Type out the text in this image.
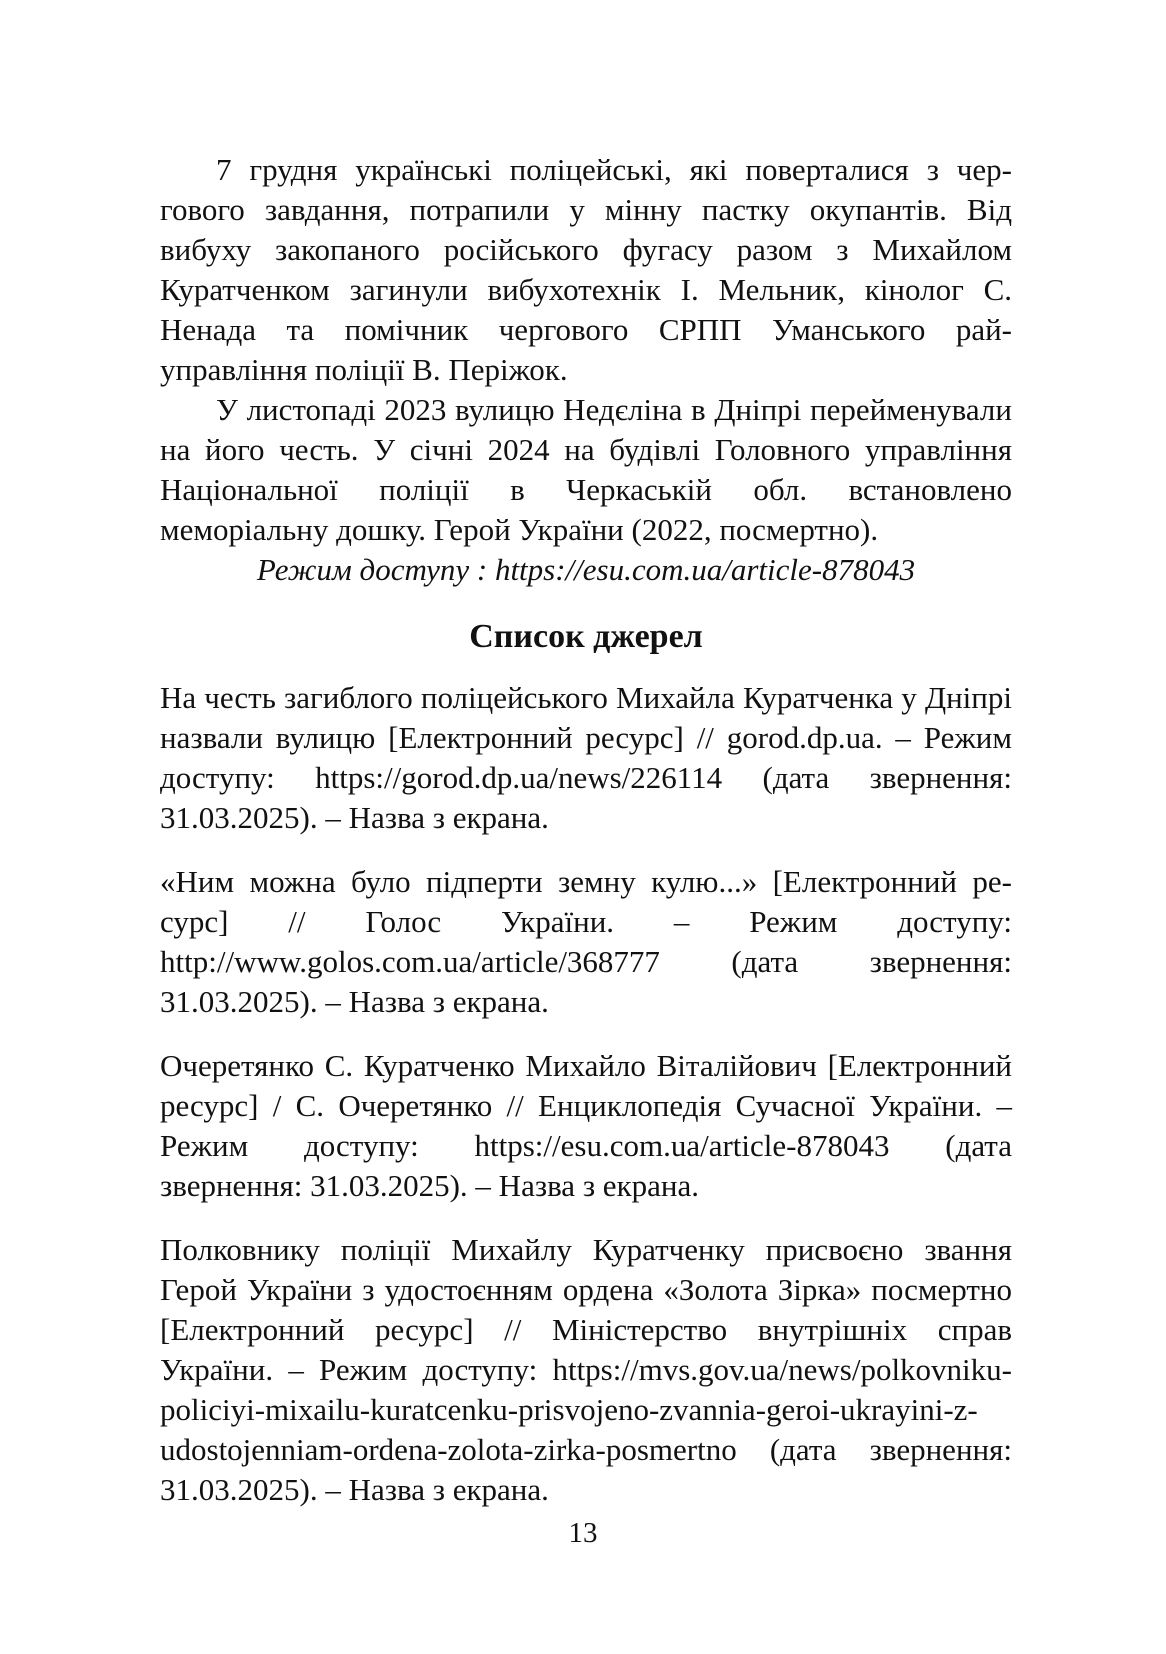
7 грудня українські поліцейські, які поверталися з чергового завдання, потрапили у мінну пастку окупантів. Від вибуху закопаного російського фугасу разом з Михайлом Куратченком загинули вибухотехнік І. Мельник, кінолог С. Ненада та помічник чергового СРПП Уманського райуправління поліції В. Періжок.

У листопаді 2023 вулицю Недєліна в Дніпрі перейменували на його честь. У січні 2024 на будівлі Головного управління Національної поліції в Черкаській обл. встановлено меморіальну дошку. Герой України (2022, посмертно).

Режим доступу : https://esu.com.ua/article-878043

Список джерел

На честь загиблого поліцейського Михайла Куратченка у Дніпрі назвали вулицю [Електронний ресурс] // gorod.dp.ua. – Режим доступу: https://gorod.dp.ua/news/226114 (дата звернення: 31.03.2025). – Назва з екрана.

«Ним можна було підперти земну кулю...» [Електронний ресурс] // Голос України. – Режим доступу: http://www.golos.com.ua/article/368777 (дата звернення: 31.03.2025). – Назва з екрана.

Очеретянко С. Куратченко Михайло Віталійович [Електронний ресурс] / С. Очеретянко // Енциклопедія Сучасної України. – Режим доступу: https://esu.com.ua/article-878043 (дата звернення: 31.03.2025). – Назва з екрана.

Полковнику поліції Михайлу Куратченку присвоєно звання Герой України з удостоєнням ордена «Золота Зірка» посмертно [Електронний ресурс] // Міністерство внутрішніх справ України. – Режим доступу: https://mvs.gov.ua/news/polkovniku-policiyi-mixailu-kuratcenku-prisvojeno-zvannia-geroi-ukrayini-z-udostojenniam-ordena-zolota-zirka-posmertno (дата звернення: 31.03.2025). – Назва з екрана.

13
